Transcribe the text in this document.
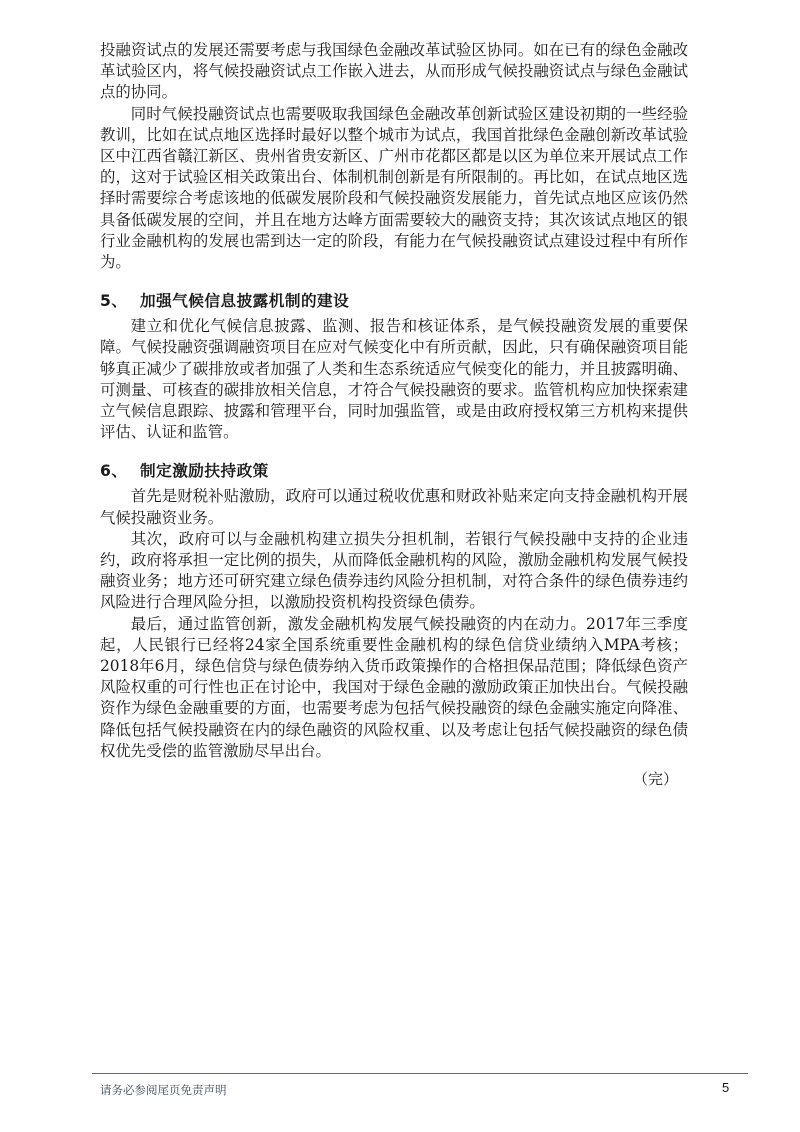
投融资试点的发展还需要考虑与我国绿色金融改革试验区协同。如在已有的绿色金融改革试验区内，将气候投融资试点工作嵌入进去，从而形成气候投融资试点与绿色金融试点的协同。

同时气候投融资试点也需要吸取我国绿色金融改革创新试验区建设初期的一些经验教训，比如在试点地区选择时最好以整个城市为试点，我国首批绿色金融创新改革试验区中江西省赣江新区、贵州省贵安新区、广州市花都区都是以区为单位来开展试点工作的，这对于试验区相关政策出台、体制机制创新是有所限制的。再比如，在试点地区选择时需要综合考虑该地的低碳发展阶段和气候投融资发展能力，首先试点地区应该仍然具备低碳发展的空间，并且在地方达峰方面需要较大的融资支持；其次该试点地区的银行业金融机构的发展也需到达一定的阶段，有能力在气候投融资试点建设过程中有所作为。

5、 加强气候信息披露机制的建设

建立和优化气候信息披露、监测、报告和核证体系，是气候投融资发展的重要保障。气候投融资强调融资项目在应对气候变化中有所贡献，因此，只有确保融资项目能够真正减少了碳排放或者加强了人类和生态系统适应气候变化的能力，并且披露明确、可测量、可核查的碳排放相关信息，才符合气候投融资的要求。监管机构应加快探索建立气候信息跟踪、披露和管理平台，同时加强监管，或是由政府授权第三方机构来提供评估、认证和监管。

6、 制定激励扶持政策

首先是财税补贴激励，政府可以通过税收优惠和财政补贴来定向支持金融机构开展气候投融资业务。

其次，政府可以与金融机构建立损失分担机制，若银行气候投融中支持的企业违约，政府将承担一定比例的损失，从而降低金融机构的风险，激励金融机构发展气候投融资业务；地方还可研究建立绿色债券违约风险分担机制，对符合条件的绿色债券违约风险进行合理风险分担，以激励投资机构投资绿色债券。

最后，通过监管创新，激发金融机构发展气候投融资的内在动力。2017年三季度起，人民银行已经将24家全国系统重要性金融机构的绿色信贷业绩纳入MPA考核；2018年6月，绿色信贷与绿色债券纳入货币政策操作的合格担保品范围；降低绿色资产风险权重的可行性也正在讨论中，我国对于绿色金融的激励政策正加快出台。气候投融资作为绿色金融重要的方面，也需要考虑为包括气候投融资的绿色金融实施定向降准、降低包括气候投融资在内的绿色融资的风险权重、以及考虑让包括气候投融资的绿色债权优先受偿的监管激励尽早出台。

（完）
请务必参阅尾页免责声明	5
